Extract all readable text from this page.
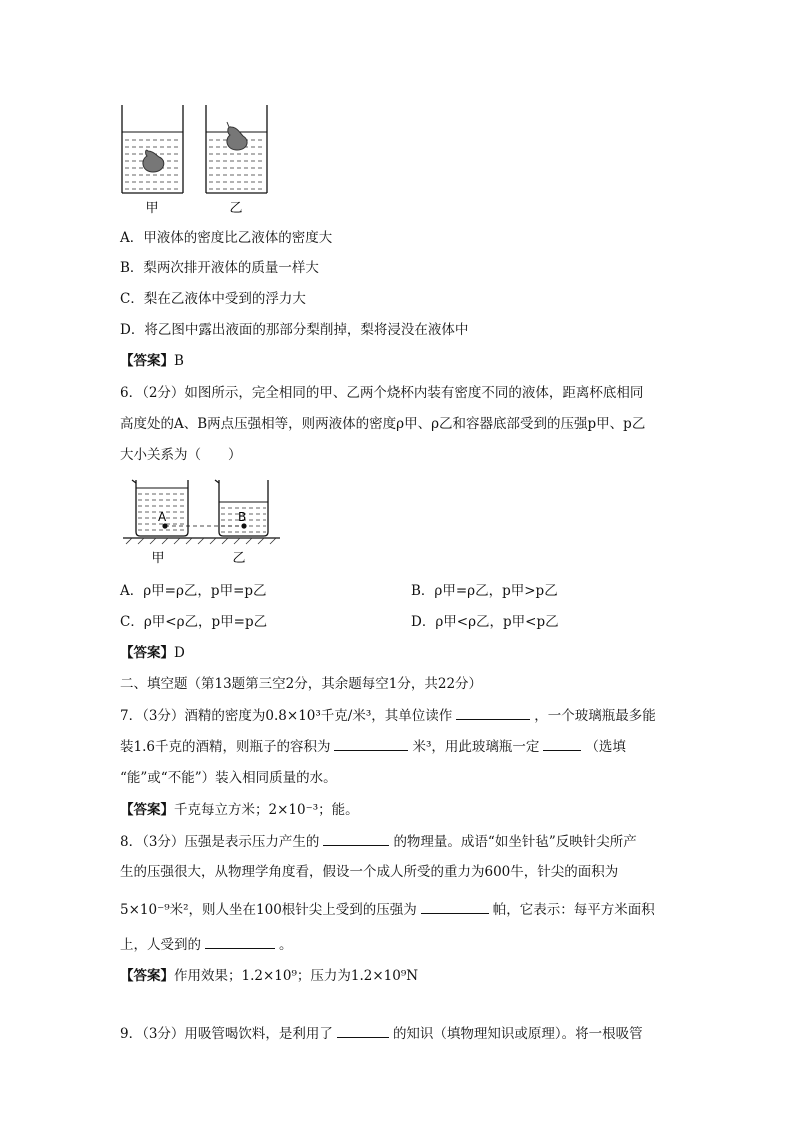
甲	乙
A．甲液体的密度比乙液体的密度大
B．梨两次排开液体的质量一样大
C．梨在乙液体中受到的浮力大
D．将乙图中露出液面的那部分梨削掉，梨将浸没在液体中
【答案】B
6．（2分）如图所示，完全相同的甲、乙两个烧杯内装有密度不同的液体，距离杯底相同
高度处的A、B两点压强相等，则两液体的密度ρ甲、ρ乙和容器底部受到的压强p甲、p乙
大小关系为（　　）
A	B
甲	乙
A．ρ甲=ρ乙，p甲=p乙	B．ρ甲=ρ乙，p甲>p乙
C．ρ甲<ρ乙，p甲=p乙	D．ρ甲<ρ乙，p甲<p乙
【答案】D
二、填空题（第13题第三空2分，其余题每空1分，共22分）
7．（3分）酒精的密度为0.8×10³千克/米³，其单位读作	，一个玻璃瓶最多能
装1.6千克的酒精，则瓶子的容积为	米³，用此玻璃瓶一定	（选填
“能”或“不能”）装入相同质量的水。
【答案】千克每立方米；2×10⁻³；能。
8．（3分）压强是表示压力产生的	的物理量。成语“如坐针毡”反映针尖所产
生的压强很大，从物理学角度看，假设一个成人所受的重力为600牛，针尖的面积为
5×10⁻⁹米²，则人坐在100根针尖上受到的压强为	帕，它表示：每平方米面积
上，人受到的	。
【答案】作用效果；1.2×10⁹；压力为1.2×10⁹N
9．（3分）用吸管喝饮料，是利用了	的知识（填物理知识或原理）。将一根吸管
